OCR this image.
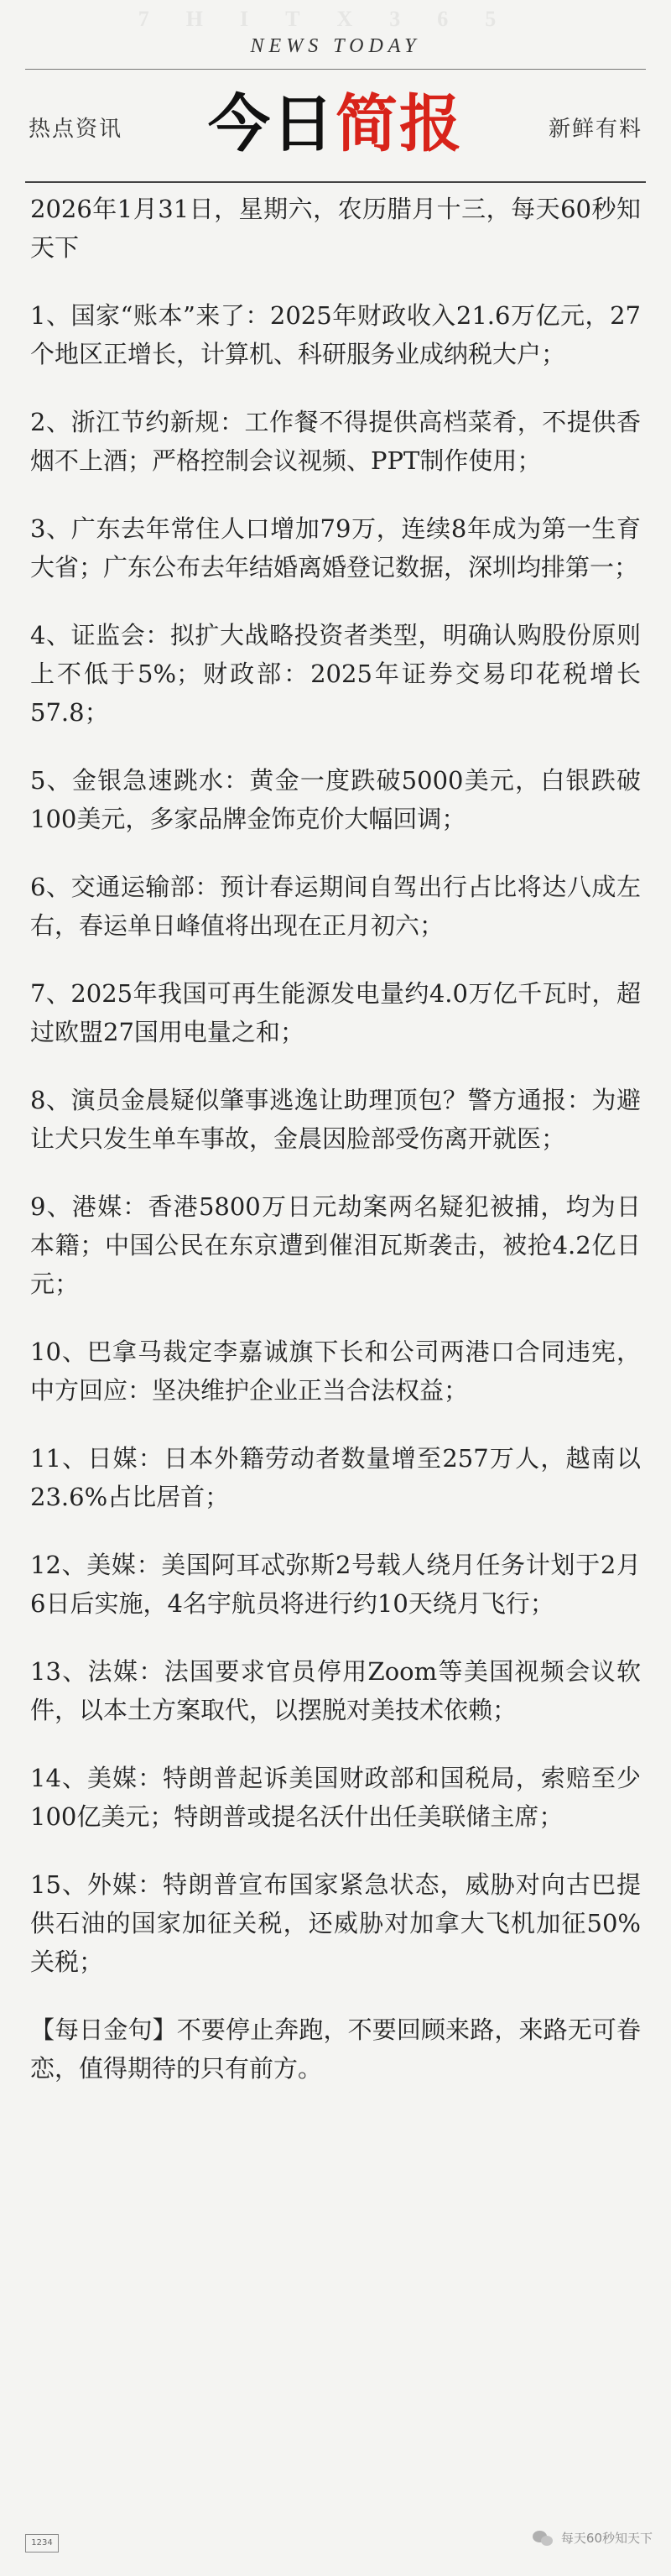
7HITX365
NEWS TODAY
热点资讯	今日简报	新鲜有料

2026年1月31日，星期六，农历腊月十三，每天60秒知天下

1、国家“账本”来了：2025年财政收入21.6万亿元，27个地区正增长，计算机、科研服务业成纳税大户；

2、浙江节约新规：工作餐不得提供高档菜肴，不提供香烟不上酒；严格控制会议视频、PPT制作使用；

3、广东去年常住人口增加79万，连续8年成为第一生育大省；广东公布去年结婚离婚登记数据，深圳均排第一；

4、证监会：拟扩大战略投资者类型，明确认购股份原则上不低于5%；财政部：2025年证券交易印花税增长57.8；

5、金银急速跳水：黄金一度跌破5000美元，白银跌破100美元，多家品牌金饰克价大幅回调；

6、交通运输部：预计春运期间自驾出行占比将达八成左右，春运单日峰值将出现在正月初六；

7、2025年我国可再生能源发电量约4.0万亿千瓦时，超过欧盟27国用电量之和；

8、演员金晨疑似肇事逃逸让助理顶包？警方通报：为避让犬只发生单车事故，金晨因脸部受伤离开就医；

9、港媒：香港5800万日元劫案两名疑犯被捕，均为日本籍；中国公民在东京遭到催泪瓦斯袭击，被抢4.2亿日元；

10、巴拿马裁定李嘉诚旗下长和公司两港口合同违宪，中方回应：坚决维护企业正当合法权益；

11、日媒：日本外籍劳动者数量增至257万人，越南以23.6%占比居首；

12、美媒：美国阿耳忒弥斯2号载人绕月任务计划于2月6日后实施，4名宇航员将进行约10天绕月飞行；

13、法媒：法国要求官员停用Zoom等美国视频会议软件，以本土方案取代，以摆脱对美技术依赖；

14、美媒：特朗普起诉美国财政部和国税局，索赔至少100亿美元；特朗普或提名沃什出任美联储主席；

15、外媒：特朗普宣布国家紧急状态，威胁对向古巴提供石油的国家加征关税，还威胁对加拿大飞机加征50%关税；

【每日金句】不要停止奔跑，不要回顾来路，来路无可眷恋，值得期待的只有前方。

1234	每天60秒知天下
